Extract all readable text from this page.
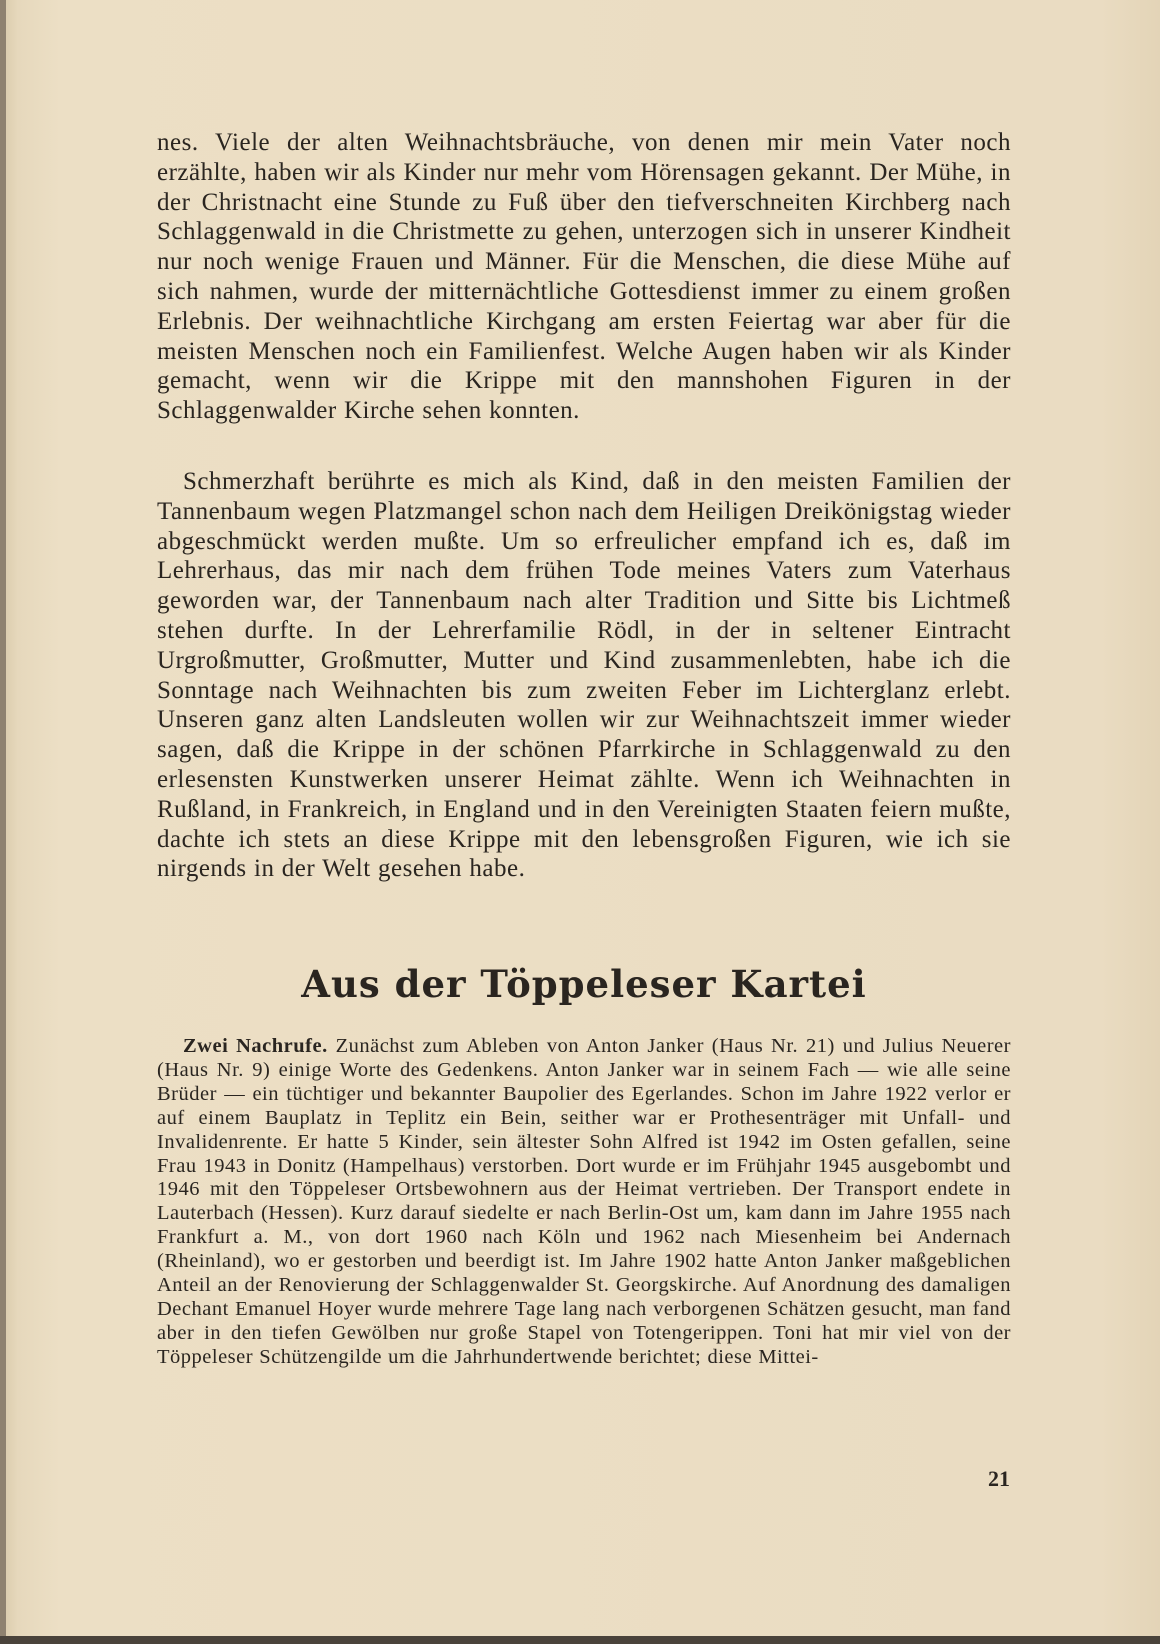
nes. Viele der alten Weihnachtsbräuche, von denen mir mein Vater noch erzählte, haben wir als Kinder nur mehr vom Hörensagen gekannt. Der Mühe, in der Christnacht eine Stunde zu Fuß über den tiefverschneiten Kirchberg nach Schlaggenwald in die Christmette zu gehen, unterzogen sich in unserer Kindheit nur noch wenige Frauen und Männer. Für die Menschen, die diese Mühe auf sich nahmen, wurde der mitternächtliche Gottesdienst immer zu einem großen Erlebnis. Der weihnachtliche Kirchgang am ersten Feiertag war aber für die meisten Menschen noch ein Familienfest. Welche Augen haben wir als Kinder gemacht, wenn wir die Krippe mit den mannshohen Figuren in der Schlaggenwalder Kirche sehen konnten.

Schmerzhaft berührte es mich als Kind, daß in den meisten Familien der Tannenbaum wegen Platzmangel schon nach dem Heiligen Dreikönigstag wieder abgeschmückt werden mußte. Um so erfreulicher empfand ich es, daß im Lehrerhaus, das mir nach dem frühen Tode meines Vaters zum Vaterhaus geworden war, der Tannenbaum nach alter Tradition und Sitte bis Lichtmeß stehen durfte. In der Lehrerfamilie Rödl, in der in seltener Eintracht Urgroßmutter, Großmutter, Mutter und Kind zusammenlebten, habe ich die Sonntage nach Weihnachten bis zum zweiten Feber im Lichterglanz erlebt. Unseren ganz alten Landsleuten wollen wir zur Weihnachtszeit immer wieder sagen, daß die Krippe in der schönen Pfarrkirche in Schlaggenwald zu den erlesensten Kunstwerken unserer Heimat zählte. Wenn ich Weihnachten in Rußland, in Frankreich, in England und in den Vereinigten Staaten feiern mußte, dachte ich stets an diese Krippe mit den lebensgroßen Figuren, wie ich sie nirgends in der Welt gesehen habe.

Aus der Töppeleser Kartei

Zwei Nachrufe. Zunächst zum Ableben von Anton Janker (Haus Nr. 21) und Julius Neuerer (Haus Nr. 9) einige Worte des Gedenkens. Anton Janker war in seinem Fach — wie alle seine Brüder — ein tüchtiger und bekannter Baupolier des Egerlandes. Schon im Jahre 1922 verlor er auf einem Bauplatz in Teplitz ein Bein, seither war er Prothesenträger mit Unfall- und Invalidenrente. Er hatte 5 Kinder, sein ältester Sohn Alfred ist 1942 im Osten gefallen, seine Frau 1943 in Donitz (Hampelhaus) verstorben. Dort wurde er im Frühjahr 1945 ausgebombt und 1946 mit den Töppeleser Ortsbewohnern aus der Heimat vertrieben. Der Transport endete in Lauterbach (Hessen). Kurz darauf siedelte er nach Berlin-Ost um, kam dann im Jahre 1955 nach Frankfurt a. M., von dort 1960 nach Köln und 1962 nach Miesenheim bei Andernach (Rheinland), wo er gestorben und beerdigt ist. Im Jahre 1902 hatte Anton Janker maßgeblichen Anteil an der Renovierung der Schlaggenwalder St. Georgskirche. Auf Anordnung des damaligen Dechant Emanuel Hoyer wurde mehrere Tage lang nach verborgenen Schätzen gesucht, man fand aber in den tiefen Gewölben nur große Stapel von Totengerippen. Toni hat mir viel von der Töppeleser Schützengilde um die Jahrhundertwende berichtet; diese Mittei-

21
